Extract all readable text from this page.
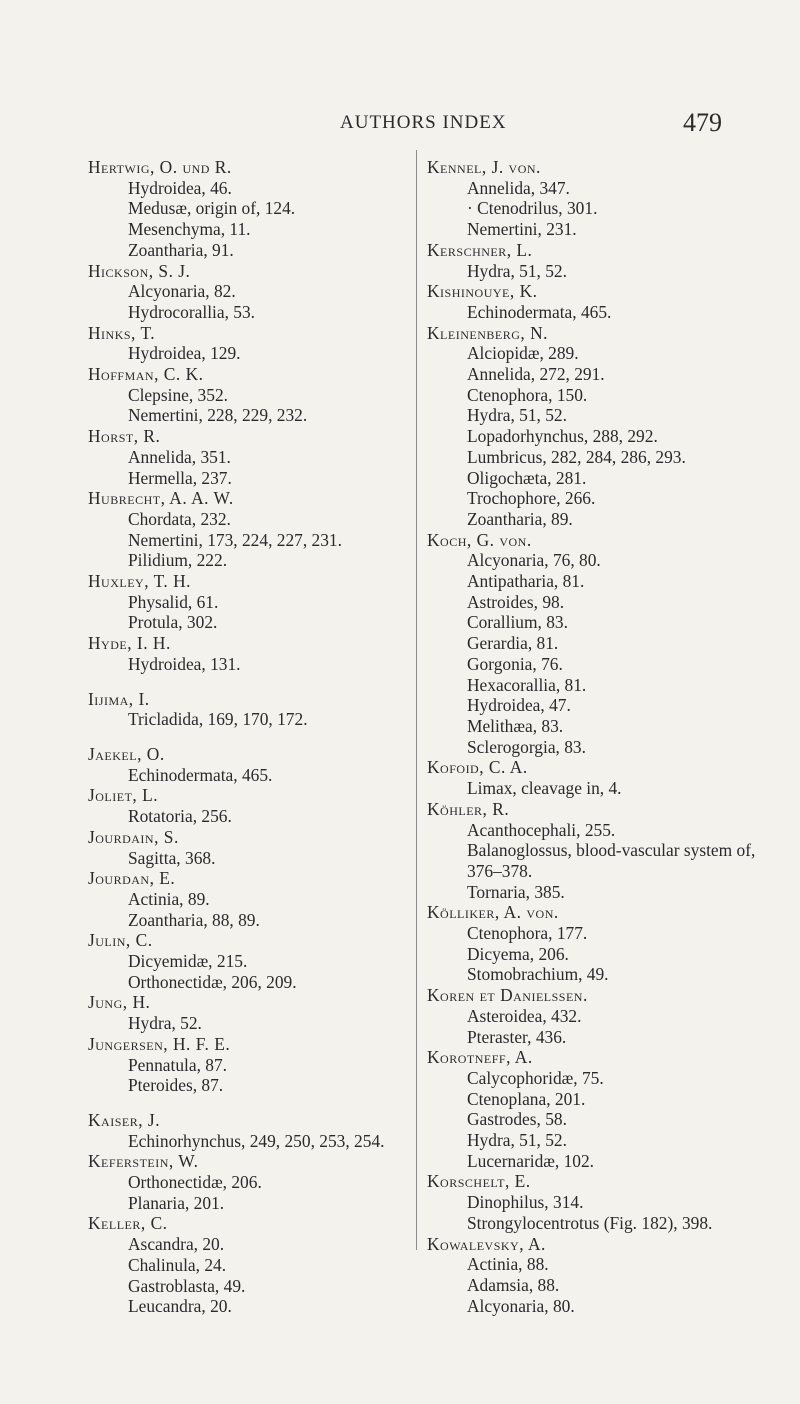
AUTHORS INDEX	479
Hertwig, O. und R.
Hydroidea, 46.
Medusæ, origin of, 124.
Mesenchyma, 11.
Zoantharia, 91.
Hickson, S. J.
Alcyonaria, 82.
Hydrocorallia, 53.
Hinks, T.
Hydroidea, 129.
Hoffman, C. K.
Clepsine, 352.
Nemertini, 228, 229, 232.
Horst, R.
Annelida, 351.
Hermella, 237.
Hubrecht, A. A. W.
Chordata, 232.
Nemertini, 173, 224, 227, 231.
Pilidium, 222.
Huxley, T. H.
Physalid, 61.
Protula, 302.
Hyde, I. H.
Hydroidea, 131.
Iijima, I.
Tricladida, 169, 170, 172.
Jaekel, O.
Echinodermata, 465.
Joliet, L.
Rotatoria, 256.
Jourdain, S.
Sagitta, 368.
Jourdan, E.
Actinia, 89.
Zoantharia, 88, 89.
Julin, C.
Dicyemidæ, 215.
Orthonectidæ, 206, 209.
Jung, H.
Hydra, 52.
Jungersen, H. F. E.
Pennatula, 87.
Pteroides, 87.
Kaiser, J.
Echinorhynchus, 249, 250, 253, 254.
Keferstein, W.
Orthonectidæ, 206.
Planaria, 201.
Keller, C.
Ascandra, 20.
Chalinula, 24.
Gastroblasta, 49.
Leucandra, 20.
Kennel, J. von.
Annelida, 347.
· Ctenodrilus, 301.
Nemertini, 231.
Kerschner, L.
Hydra, 51, 52.
Kishinouye, K.
Echinodermata, 465.
Kleinenberg, N.
Alciopidæ, 289.
Annelida, 272, 291.
Ctenophora, 150.
Hydra, 51, 52.
Lopadorhynchus, 288, 292.
Lumbricus, 282, 284, 286, 293.
Oligochæta, 281.
Trochophore, 266.
Zoantharia, 89.
Koch, G. von.
Alcyonaria, 76, 80.
Antipatharia, 81.
Astroides, 98.
Corallium, 83.
Gerardia, 81.
Gorgonia, 76.
Hexacorallia, 81.
Hydroidea, 47.
Melithæa, 83.
Sclerogorgia, 83.
Kofoid, C. A.
Limax, cleavage in, 4.
Köhler, R.
Acanthocephali, 255.
Balanoglossus, blood-vascular system of, 376–378.
Tornaria, 385.
Kölliker, A. von.
Ctenophora, 177.
Dicyema, 206.
Stomobrachium, 49.
Koren et Danielssen.
Asteroidea, 432.
Pteraster, 436.
Korotneff, A.
Calycophoridæ, 75.
Ctenoplana, 201.
Gastrodes, 58.
Hydra, 51, 52.
Lucernaridæ, 102.
Korschelt, E.
Dinophilus, 314.
Strongylocentrotus (Fig. 182), 398.
Kowalevsky, A.
Actinia, 88.
Adamsia, 88.
Alcyonaria, 80.
